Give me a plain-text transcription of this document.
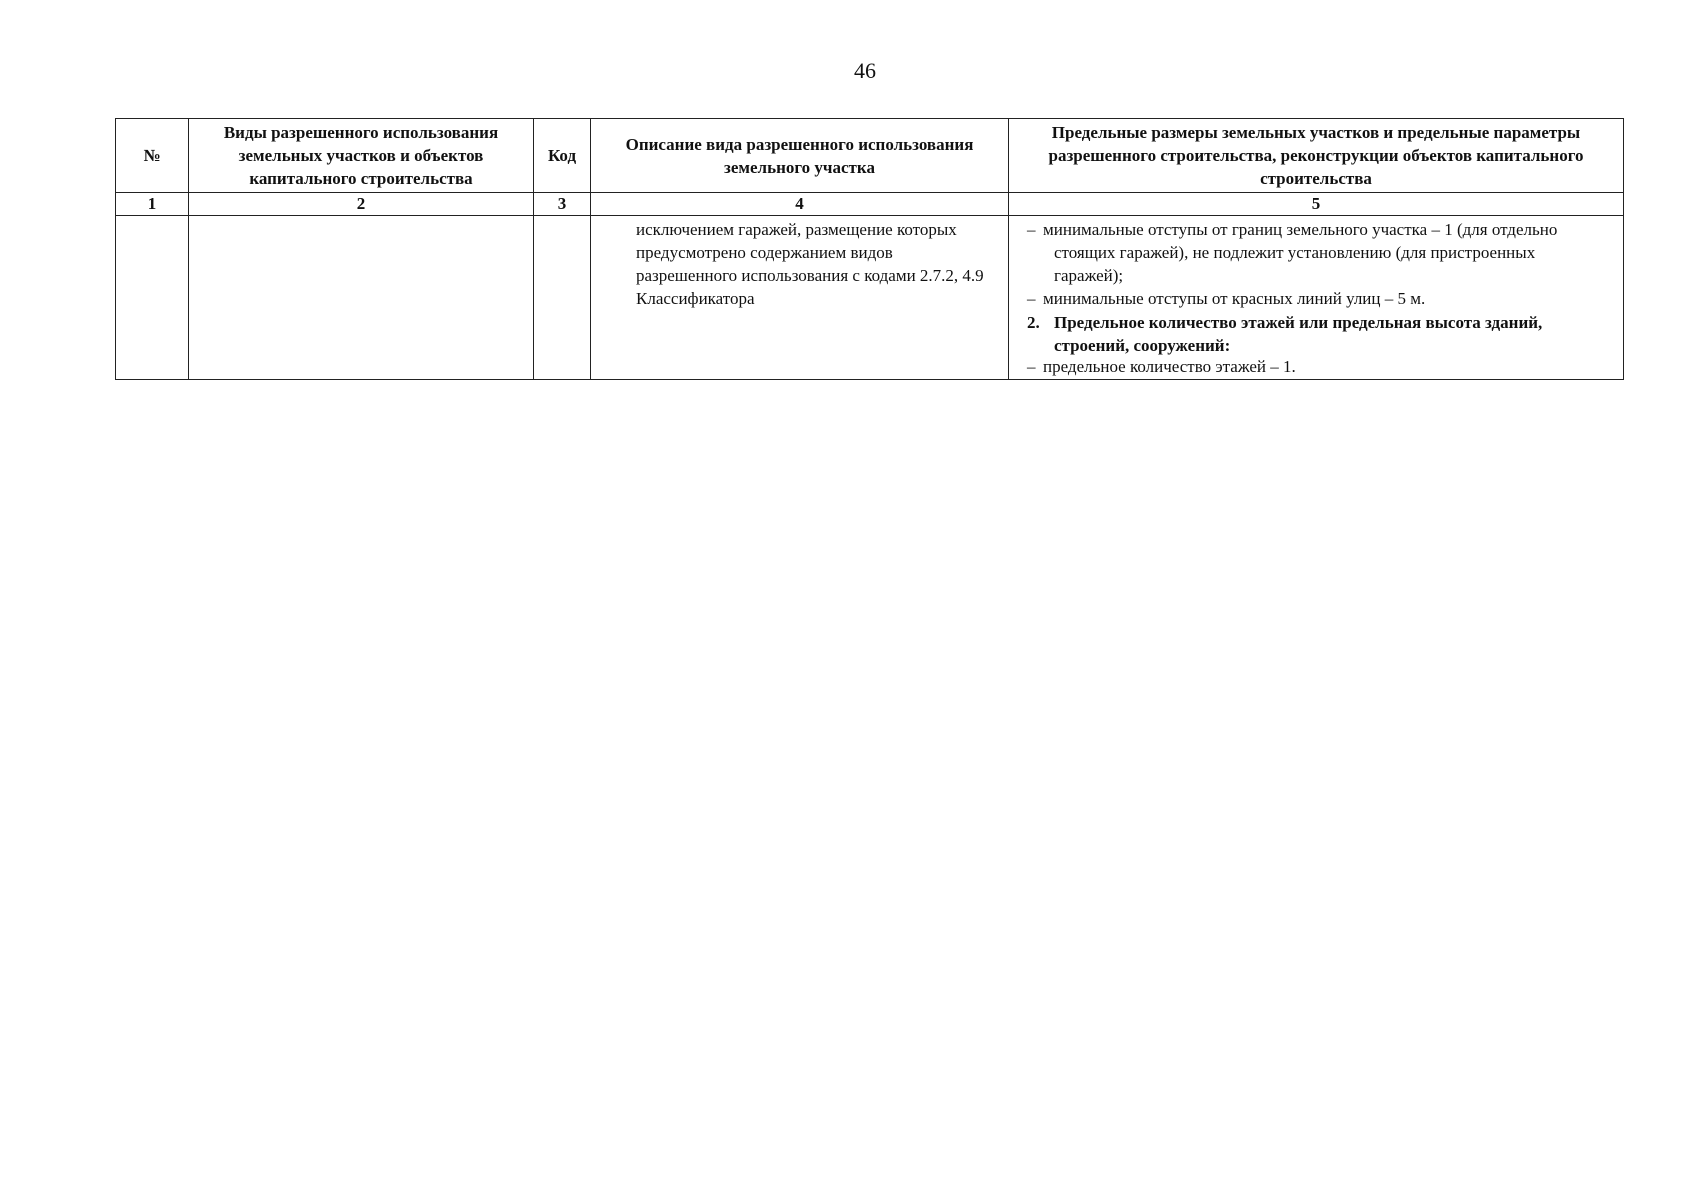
46
№	Виды разрешенного использования земельных участков и объектов капитального строительства	Код	Описание вида разрешенного использования земельного участка	Предельные размеры земельных участков и предельные параметры разрешенного строительства, реконструкции объектов капитального строительства
1	2	3	4	5
			исключением гаражей, размещение которых предусмотрено содержанием видов разрешенного использования с кодами 2.7.2, 4.9 Классификатора	– минимальные отступы от границ земельного участка – 1 (для отдельно стоящих гаражей), не подлежит установлению (для пристроенных гаражей);
– минимальные отступы от красных линий улиц – 5 м.
2. Предельное количество этажей или предельная высота зданий, строений, сооружений:
– предельное количество этажей – 1.
